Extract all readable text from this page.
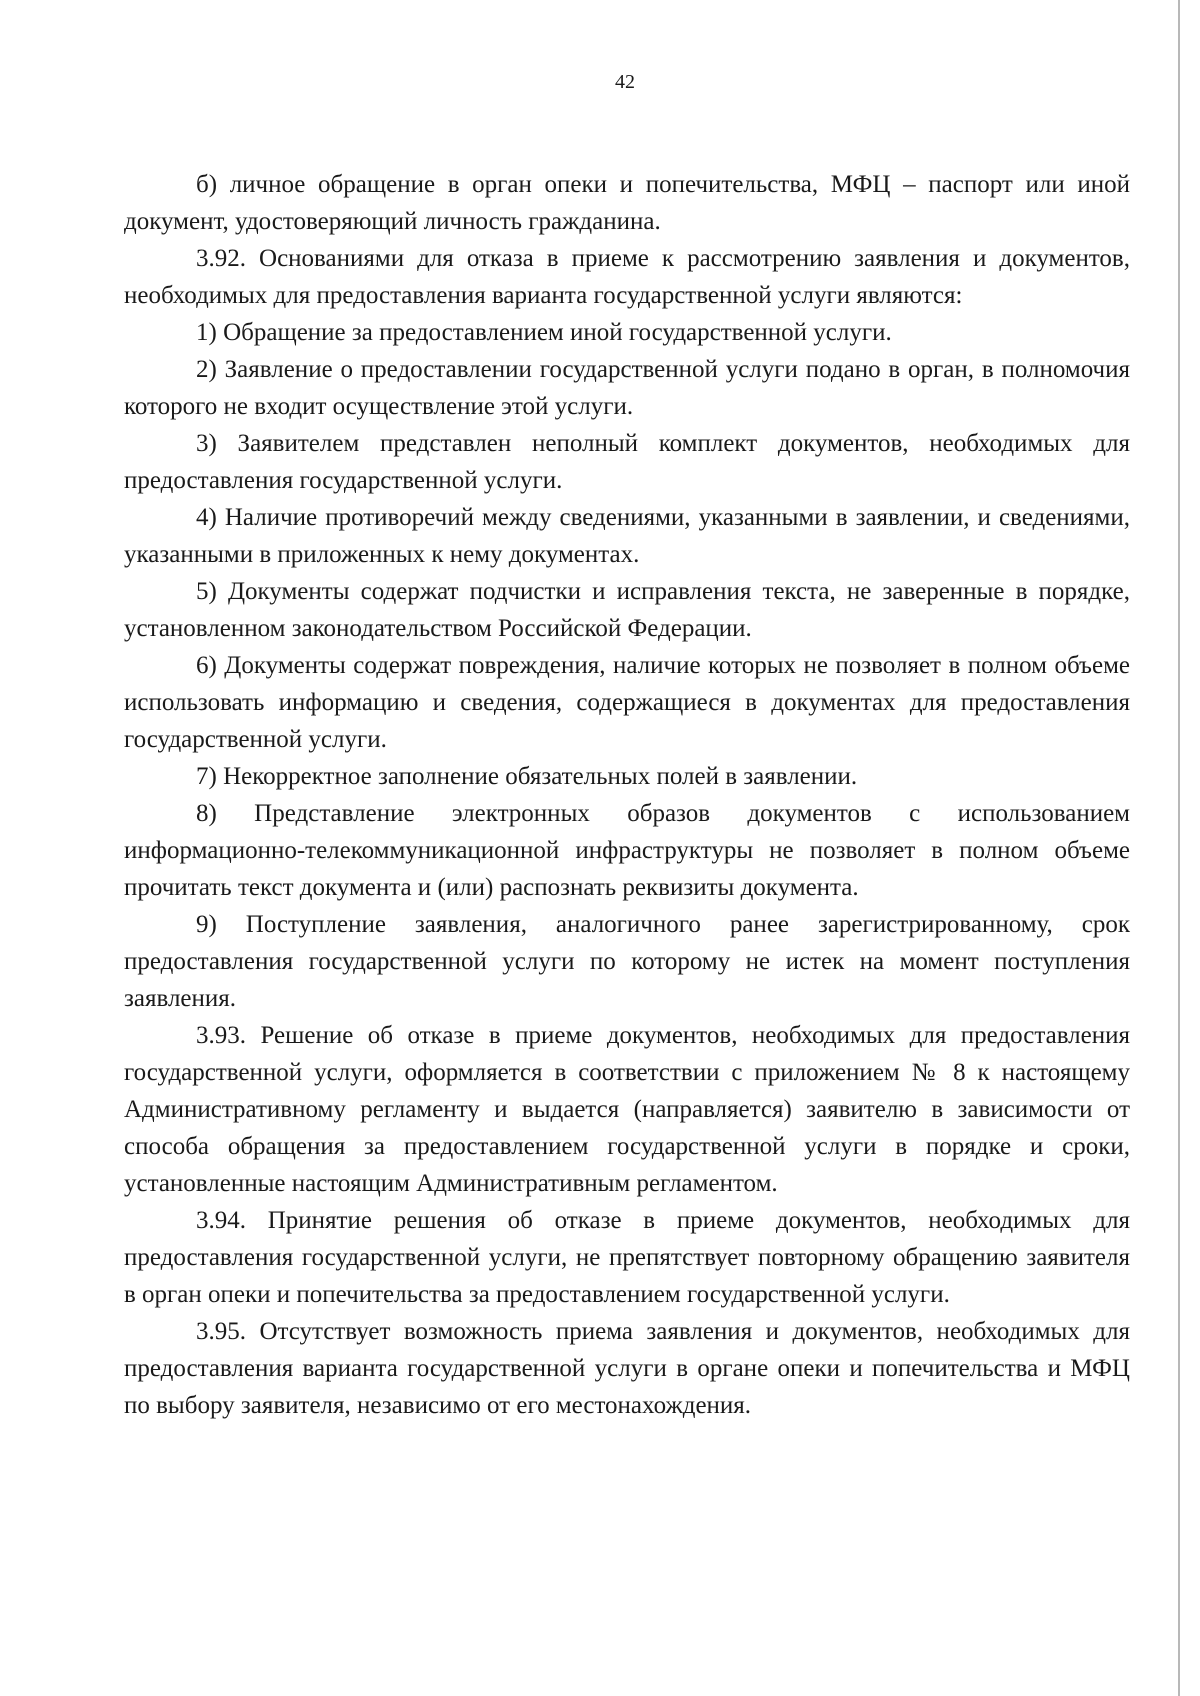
42

б) личное обращение в орган опеки и попечительства, МФЦ – паспорт или иной документ, удостоверяющий личность гражданина.

3.92. Основаниями для отказа в приеме к рассмотрению заявления и документов, необходимых для предоставления варианта государственной услуги являются:

1) Обращение за предоставлением иной государственной услуги.

2) Заявление о предоставлении государственной услуги подано в орган, в полномочия которого не входит осуществление этой услуги.

3) Заявителем представлен неполный комплект документов, необходимых для предоставления государственной услуги.

4) Наличие противоречий между сведениями, указанными в заявлении, и сведениями, указанными в приложенных к нему документах.

5) Документы содержат подчистки и исправления текста, не заверенные в порядке, установленном законодательством Российской Федерации.

6) Документы содержат повреждения, наличие которых не позволяет в полном объеме использовать информацию и сведения, содержащиеся в документах для предоставления государственной услуги.

7) Некорректное заполнение обязательных полей в заявлении.

8) Представление электронных образов документов с использованием информационно-телекоммуникационной инфраструктуры не позволяет в полном объеме прочитать текст документа и (или) распознать реквизиты документа.

9) Поступление заявления, аналогичного ранее зарегистрированному, срок предоставления государственной услуги по которому не истек на момент поступления заявления.

3.93. Решение об отказе в приеме документов, необходимых для предоставления государственной услуги, оформляется в соответствии с приложением № 8 к настоящему Административному регламенту и выдается (направляется) заявителю в зависимости от способа обращения за предоставлением государственной услуги в порядке и сроки, установленные настоящим Административным регламентом.

3.94. Принятие решения об отказе в приеме документов, необходимых для предоставления государственной услуги, не препятствует повторному обращению заявителя в орган опеки и попечительства за предоставлением государственной услуги.

3.95. Отсутствует возможность приема заявления и документов, необходимых для предоставления варианта государственной услуги в органе опеки и попечительства и МФЦ по выбору заявителя, независимо от его местонахождения.
